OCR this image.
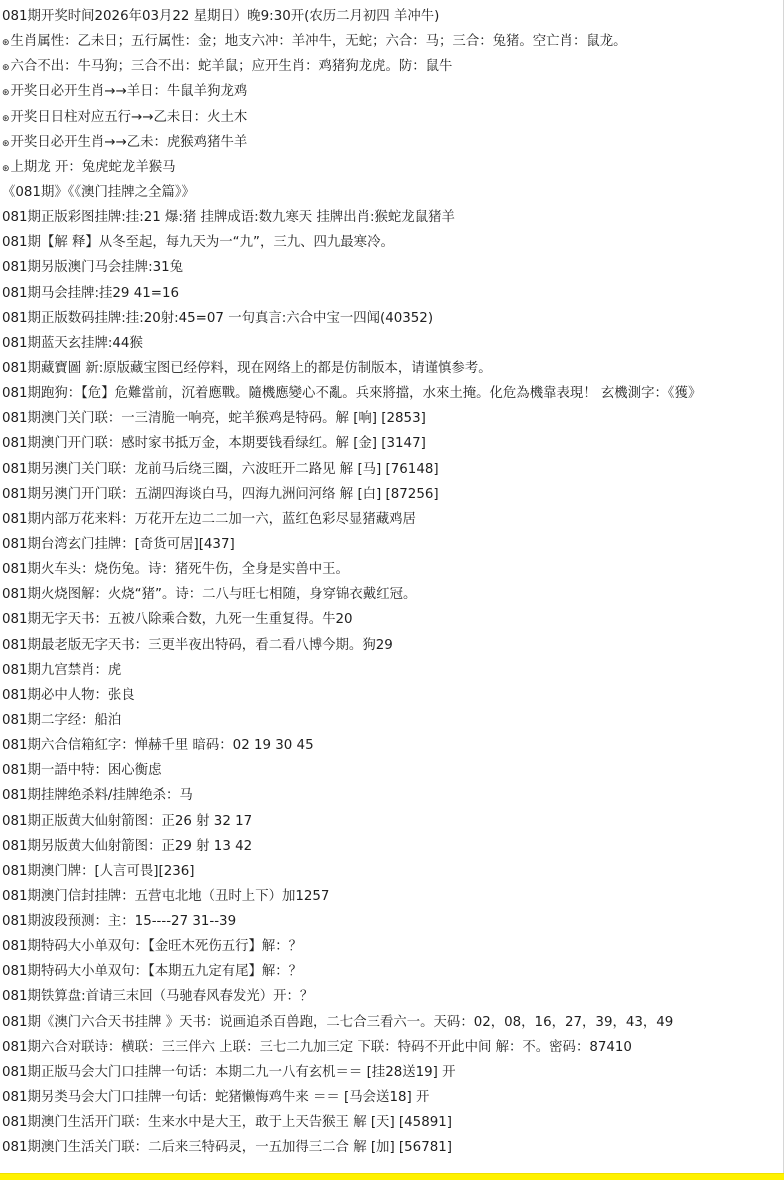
081期开奖时间2026年03月22 星期日）晚9:30开(农历二月初四 羊冲牛)
⊛生肖属性：乙未日；五行属性：金；地支六冲：羊冲牛，无蛇；六合：马；三合：兔猪。空亡肖：鼠龙。
⊛六合不出：牛马狗；三合不出：蛇羊鼠；应开生肖：鸡猪狗龙虎。防：鼠牛
⊛开奖日必开生肖→→羊日：牛鼠羊狗龙鸡
⊛开奖日日柱对应五行→→乙未日：火土木
⊛开奖日必开生肖→→乙未：虎猴鸡猪牛羊
⊛上期龙 开：兔虎蛇龙羊猴马
《081期》《《澳门挂牌之全篇》》
081期正版彩图挂牌:挂:21 爆:猪 挂牌成语:数九寒天 挂牌出肖:猴蛇龙鼠猪羊
081期【解 释】从冬至起，每九天为一“九”，三九、四九最寒冷。
081期另版澳门马会挂牌:31兔
081期马会挂牌:挂29 41=16
081期正版数码挂牌:挂:20射:45=07 一句真言:六合中宝一四闻(40352)
081期蓝天玄挂牌:44猴
081期藏寶圖 新:原版藏宝图已经停料，现在网络上的都是仿制版本，请谨慎参考。
081期跑狗：【危】危難當前，沉着應戰。隨機應變心不亂。兵來將擋，水來土掩。化危為機靠表現！ 玄機測字：《獲》
081期澳门关门联：一三清脆一响亮，蛇羊猴鸡是特码。解 [响] [2853]
081期澳门开门联：感时家书抵万金，本期要钱看绿红。解 [金] [3147]
081期另澳门关门联：龙前马后绕三圈，六波旺开二路见 解 [马] [76148]
081期另澳门开门联：五湖四海谈白马，四海九洲问河络 解 [白] [87256]
081期内部万花来料：万花开左边二二加一六，蓝红色彩尽显猪藏鸡居
081期台湾玄门挂牌：[奇货可居][437]
081期火车头：烧伤兔。诗：猪死牛伤，全身是实兽中王。
081期火烧图解：火烧“猪”。诗：二八与旺七相随，身穿锦衣戴红冠。
081期无字天书：五被八除乘合数，九死一生重复得。牛20
081期最老版无字天书：三更半夜出特码，看二看八博今期。狗29
081期九宫禁肖：虎
081期必中人物：张良
081期二字经：船泊
081期六合信箱紅字：惮赫千里 暗码：02 19 30 45
081期一語中特：困心衡虑
081期挂牌绝杀料/挂牌绝杀：马
081期正版黄大仙射箭图：正26 射 32 17
081期另版黄大仙射箭图：正29 射 13 42
081期澳门牌：[人言可畏][236]
081期澳门信封挂牌：五营屯北地（丑时上下）加1257
081期波段预测：主：15----27 31--39
081期特码大小单双句：【金旺木死伤五行】解：？
081期特码大小单双句：【本期五九定有尾】解：？
081期铁算盘:首请三末回（马驰春风春发光）开：？
081期《澳门六合天书挂牌 》天书：说画追杀百兽跑，二七合三看六一。天码：02，08，16，27，39，43，49
081期六合对联诗：横联：三三伴六 上联：三七二九加三定 下联：特码不开此中间 解：不。密码：87410
081期正版马会大门口挂牌一句话：本期二九一八有玄机＝＝ [挂28送19] 开
081期另类马会大门口挂牌一句话：蛇猪懒悔鸡牛来 ＝＝ [马会送18] 开
081期澳门生活开门联：生来水中是大王，敢于上天告猴王 解 [天] [45891]
081期澳门生活关门联：二后来三特码灵，一五加得三二合 解 [加] [56781]
